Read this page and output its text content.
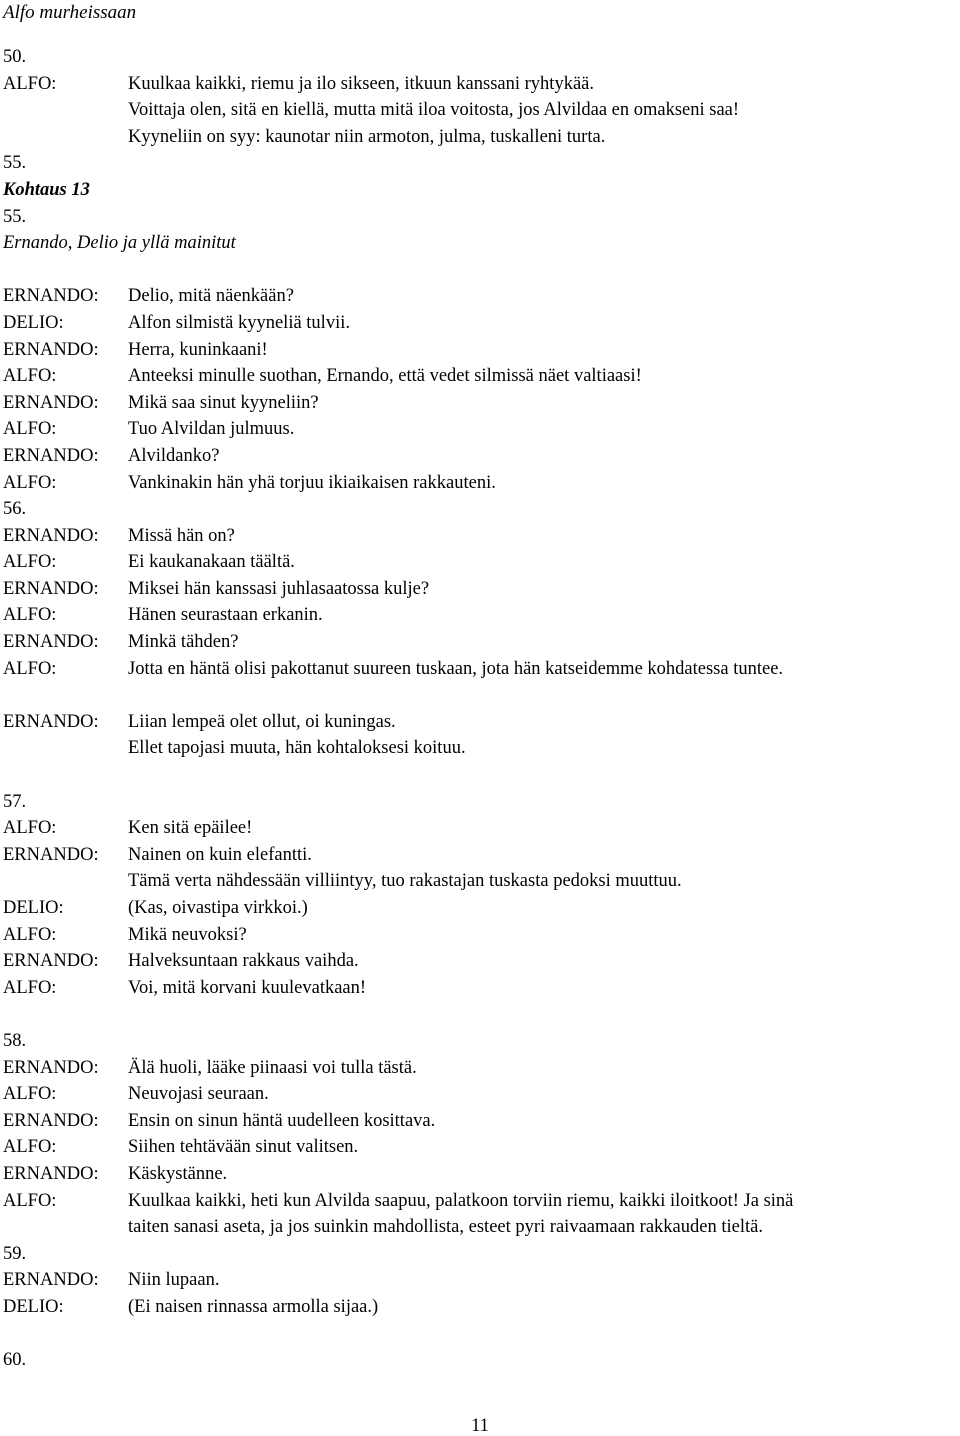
Alfo murheissaan
50.
ALFO:	Kuulkaa kaikki, riemu ja ilo sikseen, itkuun kanssani ryhtykää.
Voittaja olen, sitä en kiellä, mutta mitä iloa voitosta, jos Alvildaa en omakseni saa!
Kyyneliin on syy: kaunotar niin armoton, julma, tuskalleni turta.
55.
Kohtaus 13
55.
Ernando, Delio ja yllä mainitut
ERNANDO:	Delio, mitä näenkään?
DELIO:	Alfon silmistä kyyneliä tulvii.
ERNANDO:	Herra, kuninkaani!
ALFO:	Anteeksi minulle suothan, Ernando, että vedet silmissä näet valtiaasi!
ERNANDO:	Mikä saa sinut kyyneliin?
ALFO:	Tuo Alvildan julmuus.
ERNANDO:	Alvildanko?
ALFO:	Vankinakin hän yhä torjuu ikiaikaisen rakkauteni.
56.
ERNANDO:	Missä hän on?
ALFO:	Ei kaukanakaan täältä.
ERNANDO:	Miksei hän kanssasi juhlasaatossa kulje?
ALFO:	Hänen seurastaan erkanin.
ERNANDO:	Minkä tähden?
ALFO:	Jotta en häntä olisi pakottanut suureen tuskaan, jota hän katseidemme kohdatessa tuntee.
ERNANDO:	Liian lempeä olet ollut, oi kuningas.
Ellet tapojasi muuta, hän kohtaloksesi koituu.
57.
ALFO:	Ken sitä epäilee!
ERNANDO:	Nainen on kuin elefantti.
Tämä verta nähdessään villiintyy, tuo rakastajan tuskasta pedoksi muuttuu.
DELIO:	(Kas, oivastipa virkkoi.)
ALFO:	Mikä neuvoksi?
ERNANDO:	Halveksuntaan rakkaus vaihda.
ALFO:	Voi, mitä korvani kuulevatkaan!
58.
ERNANDO:	Älä huoli, lääke piinaasi voi tulla tästä.
ALFO:	Neuvojasi seuraan.
ERNANDO:	Ensin on sinun häntä uudelleen kosittava.
ALFO:	Siihen tehtävään sinut valitsen.
ERNANDO:	Käskystänne.
ALFO:	Kuulkaa kaikki, heti kun Alvilda saapuu, palatkoon torviin riemu, kaikki iloitkoot! Ja sinä
taiten sanasi aseta, ja jos suinkin mahdollista, esteet pyri raivaamaan rakkauden tieltä.
59.
ERNANDO:	Niin lupaan.
DELIO:	(Ei naisen rinnassa armolla sijaa.)
60.
11
